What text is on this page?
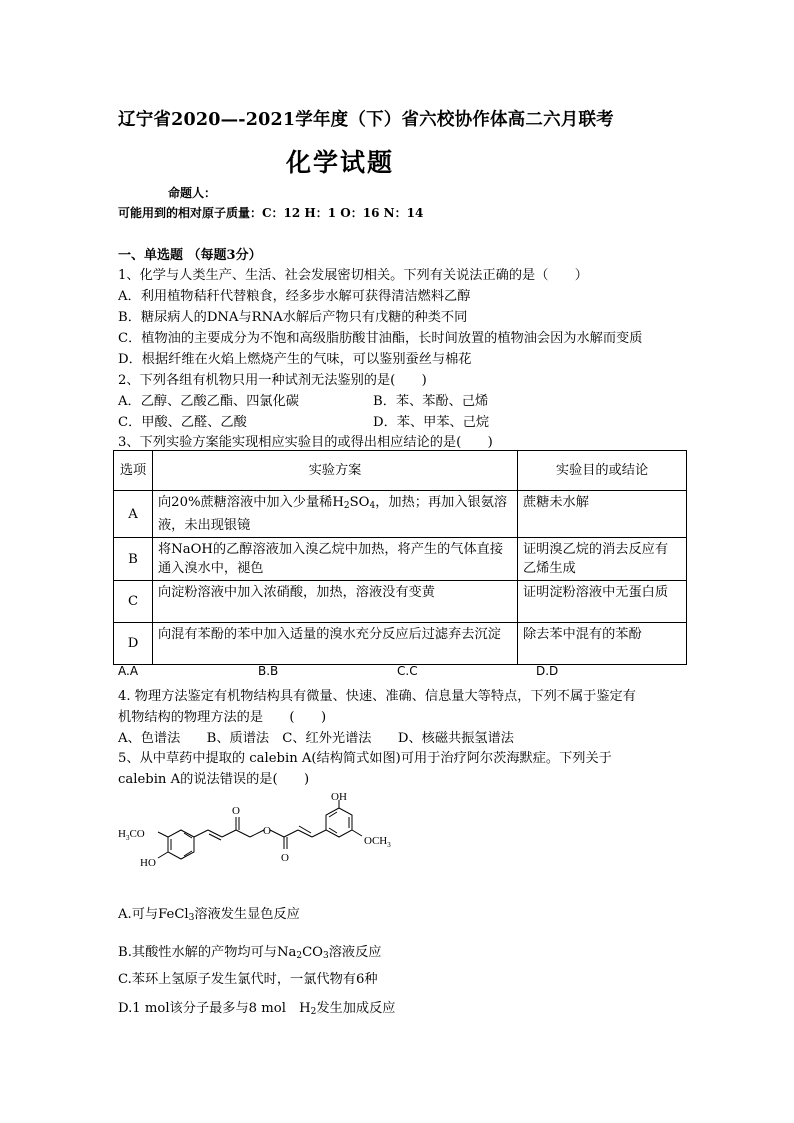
辽宁省2020—-2021学年度（下）省六校协作体高二六月联考
化学试题
命题人：
可能用到的相对原子质量：C：12 H：1 O：16 N：14
一、单选题 （每题3分）
1、化学与人类生产、生活、社会发展密切相关。下列有关说法正确的是（　　）
A．利用植物秸秆代替粮食，经多步水解可获得清洁燃料乙醇
B．糖尿病人的DNA与RNA水解后产物只有戊糖的种类不同
C．植物油的主要成分为不饱和高级脂肪酸甘油酯，长时间放置的植物油会因为水解而变质
D．根据纤维在火焰上燃烧产生的气味，可以鉴别蚕丝与棉花
2、下列各组有机物只用一种试剂无法鉴别的是(　　)
A．乙醇、乙酸乙酯、四氯化碳	B．苯、苯酚、己烯
C．甲酸、乙醛、乙酸	D．苯、甲苯、己烷
3、下列实验方案能实现相应实验目的或得出相应结论的是(　　)
选项	实验方案	实验目的或结论
A	向20%蔗糖溶液中加入少量稀$H_2SO_4$，加热；再加入银氨溶液，未出现银镜	蔗糖未水解
B	将NaOH的乙醇溶液加入溴乙烷中加热，将产生的气体直接通入溴水中，褪色	证明溴乙烷的消去反应有乙烯生成
C	向淀粉溶液中加入浓硝酸，加热，溶液没有变黄	证明淀粉溶液中无蛋白质
D	向混有苯酚的苯中加入适量的溴水充分反应后过滤弃去沉淀	除去苯中混有的苯酚
A.A	B.B	C.C	D.D
4. 物理方法鉴定有机物结构具有微量、快速、准确、信息量大等特点，下列不属于鉴定有
机物结构的物理方法的是　　(　　)
A、色谱法　　B、质谱法　C、红外光谱法　　D、核磁共振氢谱法
5、从中草药中提取的 calebin A(结构简式如图)可用于治疗阿尔茨海默症。下列关于
calebin A的说法错误的是(　　)
$H_3CO$
HO
O
O
O
OH
$OCH_3$
A.可与FeCl$_3$溶液发生显色反应
B.其酸性水解的产物均可与$Na_2CO_3$溶液反应
C.苯环上氢原子发生氯代时，一氯代物有6种
D.1 mol该分子最多与8 mol　$H_2$发生加成反应
